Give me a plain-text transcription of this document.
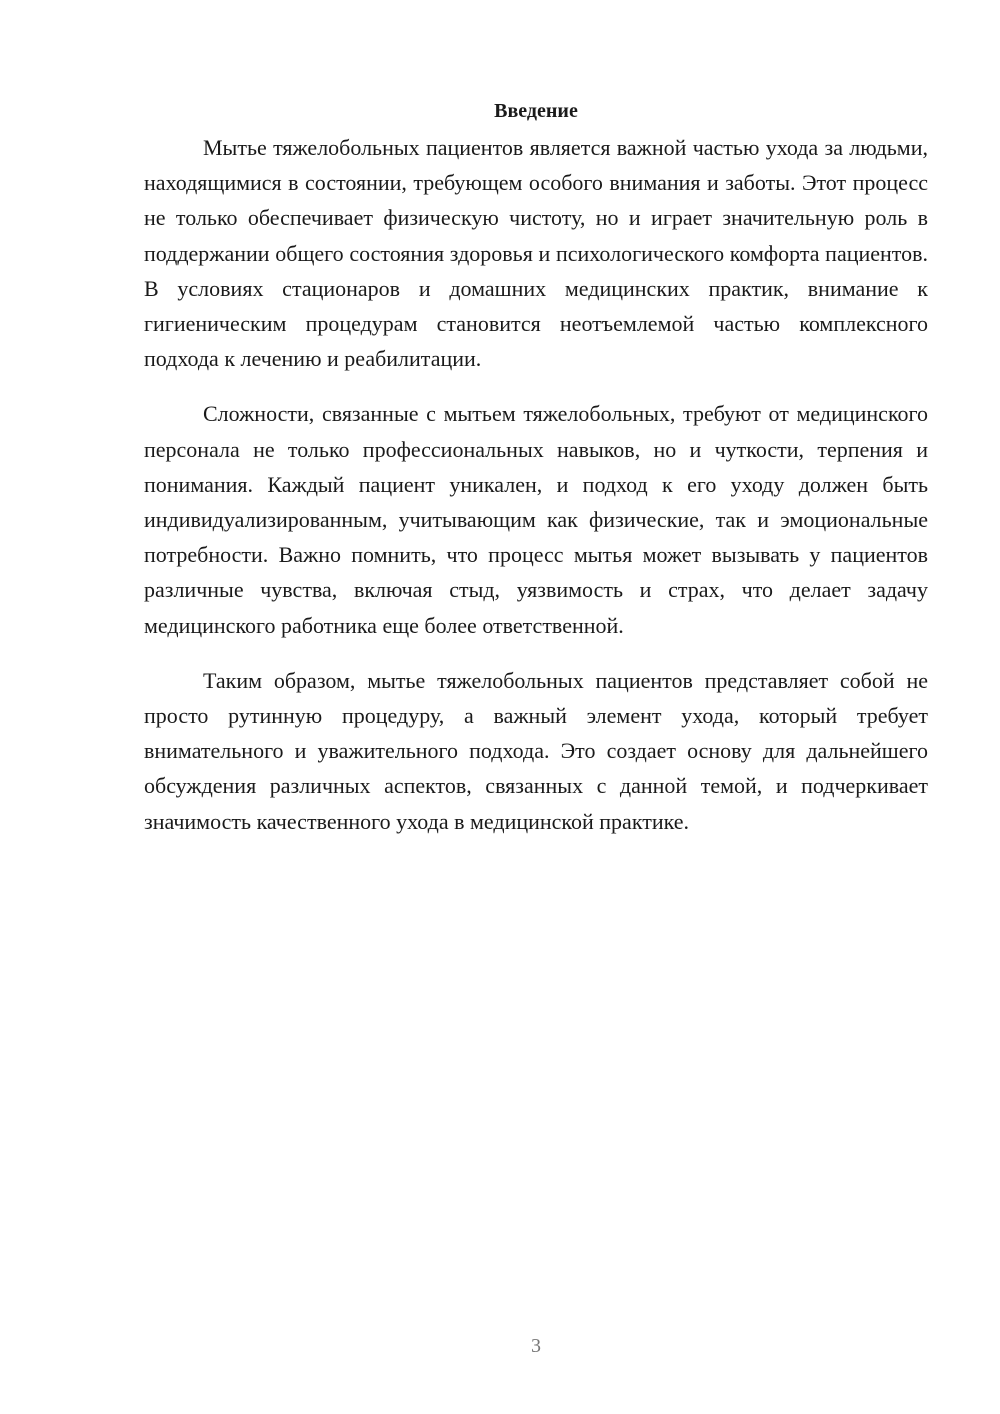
Введение

Мытье тяжелобольных пациентов является важной частью ухода за людьми, находящимися в состоянии, требующем особого внимания и заботы. Этот процесс не только обеспечивает физическую чистоту, но и играет значительную роль в поддержании общего состояния здоровья и психологического комфорта пациентов. В условиях стационаров и домашних медицинских практик, внимание к гигиеническим процедурам становится неотъемлемой частью комплексного подхода к лечению и реабилитации.

Сложности, связанные с мытьем тяжелобольных, требуют от медицинского персонала не только профессиональных навыков, но и чуткости, терпения и понимания. Каждый пациент уникален, и подход к его уходу должен быть индивидуализированным, учитывающим как физические, так и эмоциональные потребности. Важно помнить, что процесс мытья может вызывать у пациентов различные чувства, включая стыд, уязвимость и страх, что делает задачу медицинского работника еще более ответственной.

Таким образом, мытье тяжелобольных пациентов представляет собой не просто рутинную процедуру, а важный элемент ухода, который требует внимательного и уважительного подхода. Это создает основу для дальнейшего обсуждения различных аспектов, связанных с данной темой, и подчеркивает значимость качественного ухода в медицинской практике.

3
